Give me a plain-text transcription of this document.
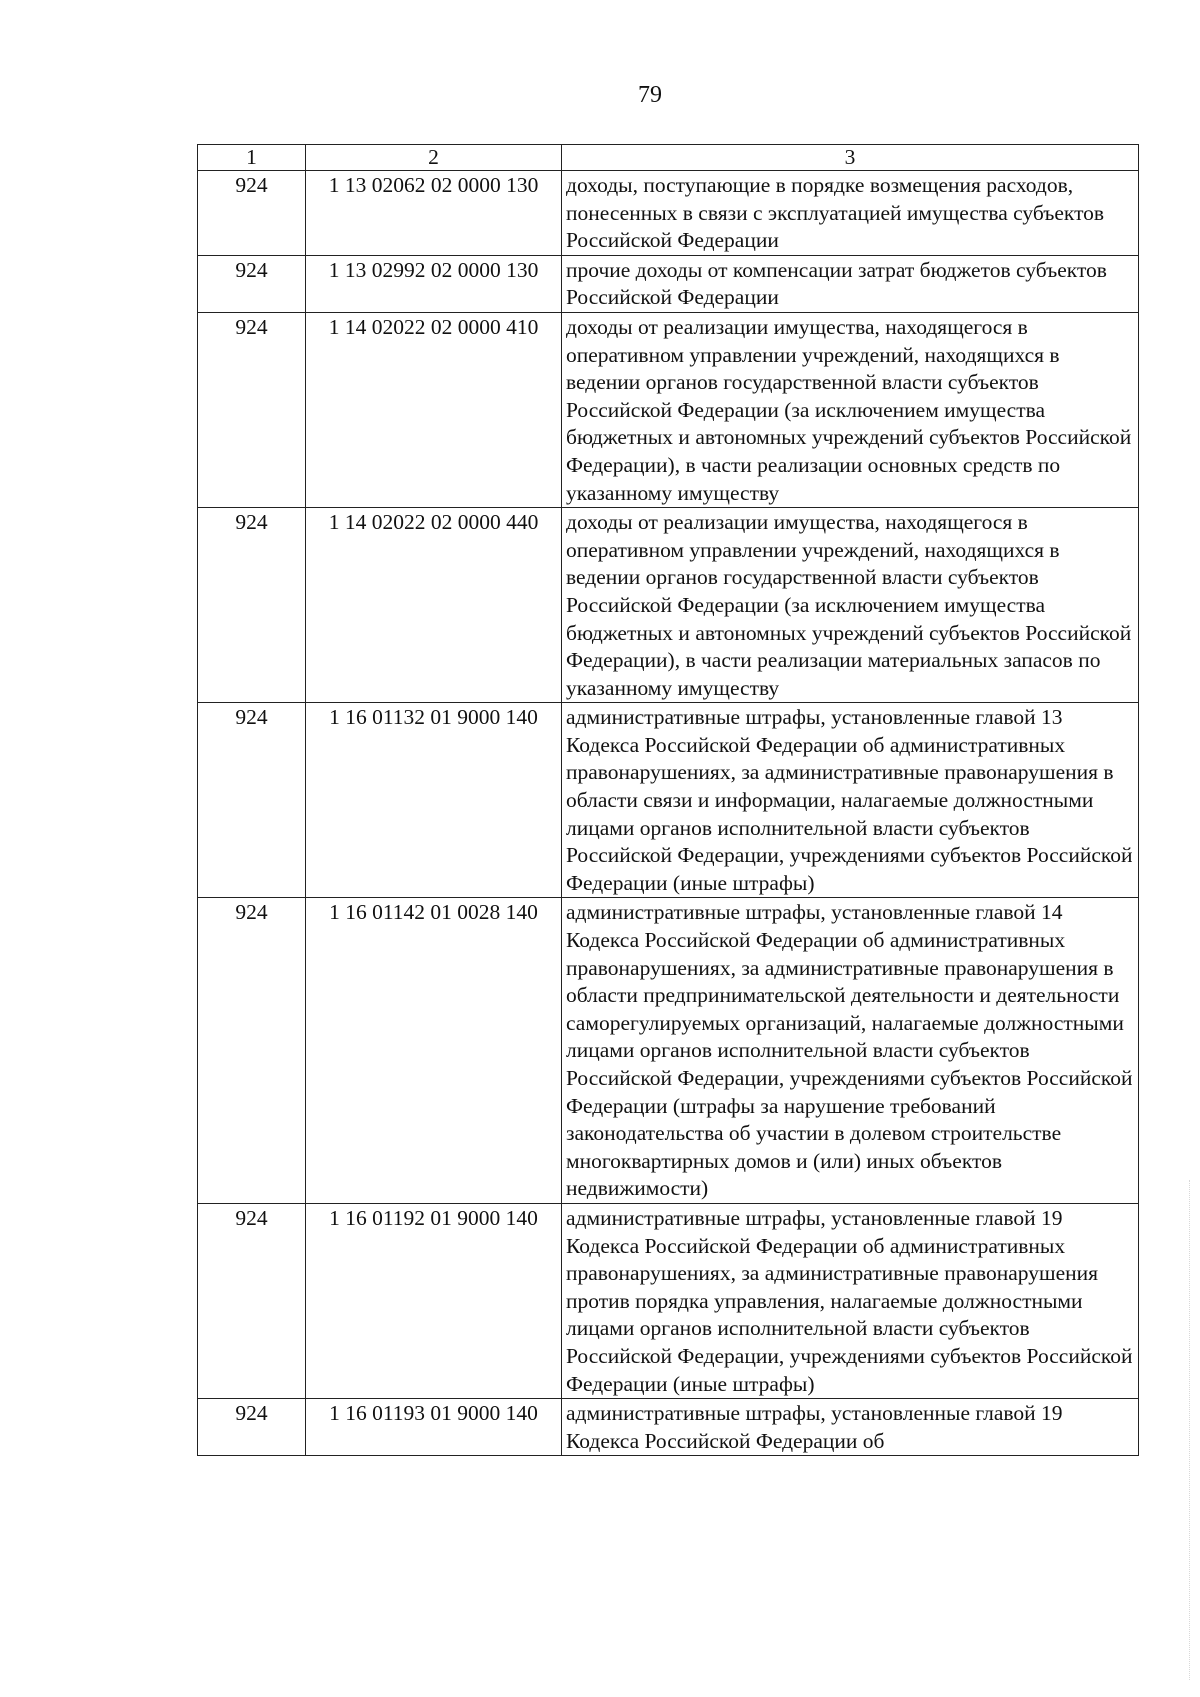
79
1	2	3
924	1 13 02062 02 0000 130	доходы, поступающие в порядке возмещения расходов, понесенных в связи с эксплуатацией имущества субъектов Российской Федерации
924	1 13 02992 02 0000 130	прочие доходы от компенсации затрат бюджетов субъектов Российской Федерации
924	1 14 02022 02 0000 410	доходы от реализации имущества, находящегося в оперативном управлении учреждений, находящихся в ведении органов государственной власти субъектов Российской Федерации (за исключением имущества бюджетных и автономных учреждений субъектов Российской Федерации), в части реализации основных средств по указанному имуществу
924	1 14 02022 02 0000 440	доходы от реализации имущества, находящегося в оперативном управлении учреждений, находящихся в ведении органов государственной власти субъектов Российской Федерации (за исключением имущества бюджетных и автономных учреждений субъектов Российской Федерации), в части реализации материальных запасов по указанному имуществу
924	1 16 01132 01 9000 140	административные штрафы, установленные главой 13 Кодекса Российской Федерации об административных правонарушениях, за административные правонарушения в области связи и информации, налагаемые должностными лицами органов исполнительной власти субъектов Российской Федерации, учреждениями субъектов Российской Федерации (иные штрафы)
924	1 16 01142 01 0028 140	административные штрафы, установленные главой 14 Кодекса Российской Федерации об административных правонарушениях, за административные правонарушения в области предпринимательской деятельности и деятельности саморегулируемых организаций, налагаемые должностными лицами органов исполнительной власти субъектов Российской Федерации, учреждениями субъектов Российской Федерации (штрафы за нарушение требований законодательства об участии в долевом строительстве многоквартирных домов и (или) иных объектов недвижимости)
924	1 16 01192 01 9000 140	административные штрафы, установленные главой 19 Кодекса Российской Федерации об административных правонарушениях, за административные правонарушения против порядка управления, налагаемые должностными лицами органов исполнительной власти субъектов Российской Федерации, учреждениями субъектов Российской Федерации (иные штрафы)
924	1 16 01193 01 9000 140	административные штрафы, установленные главой 19 Кодекса Российской Федерации об
